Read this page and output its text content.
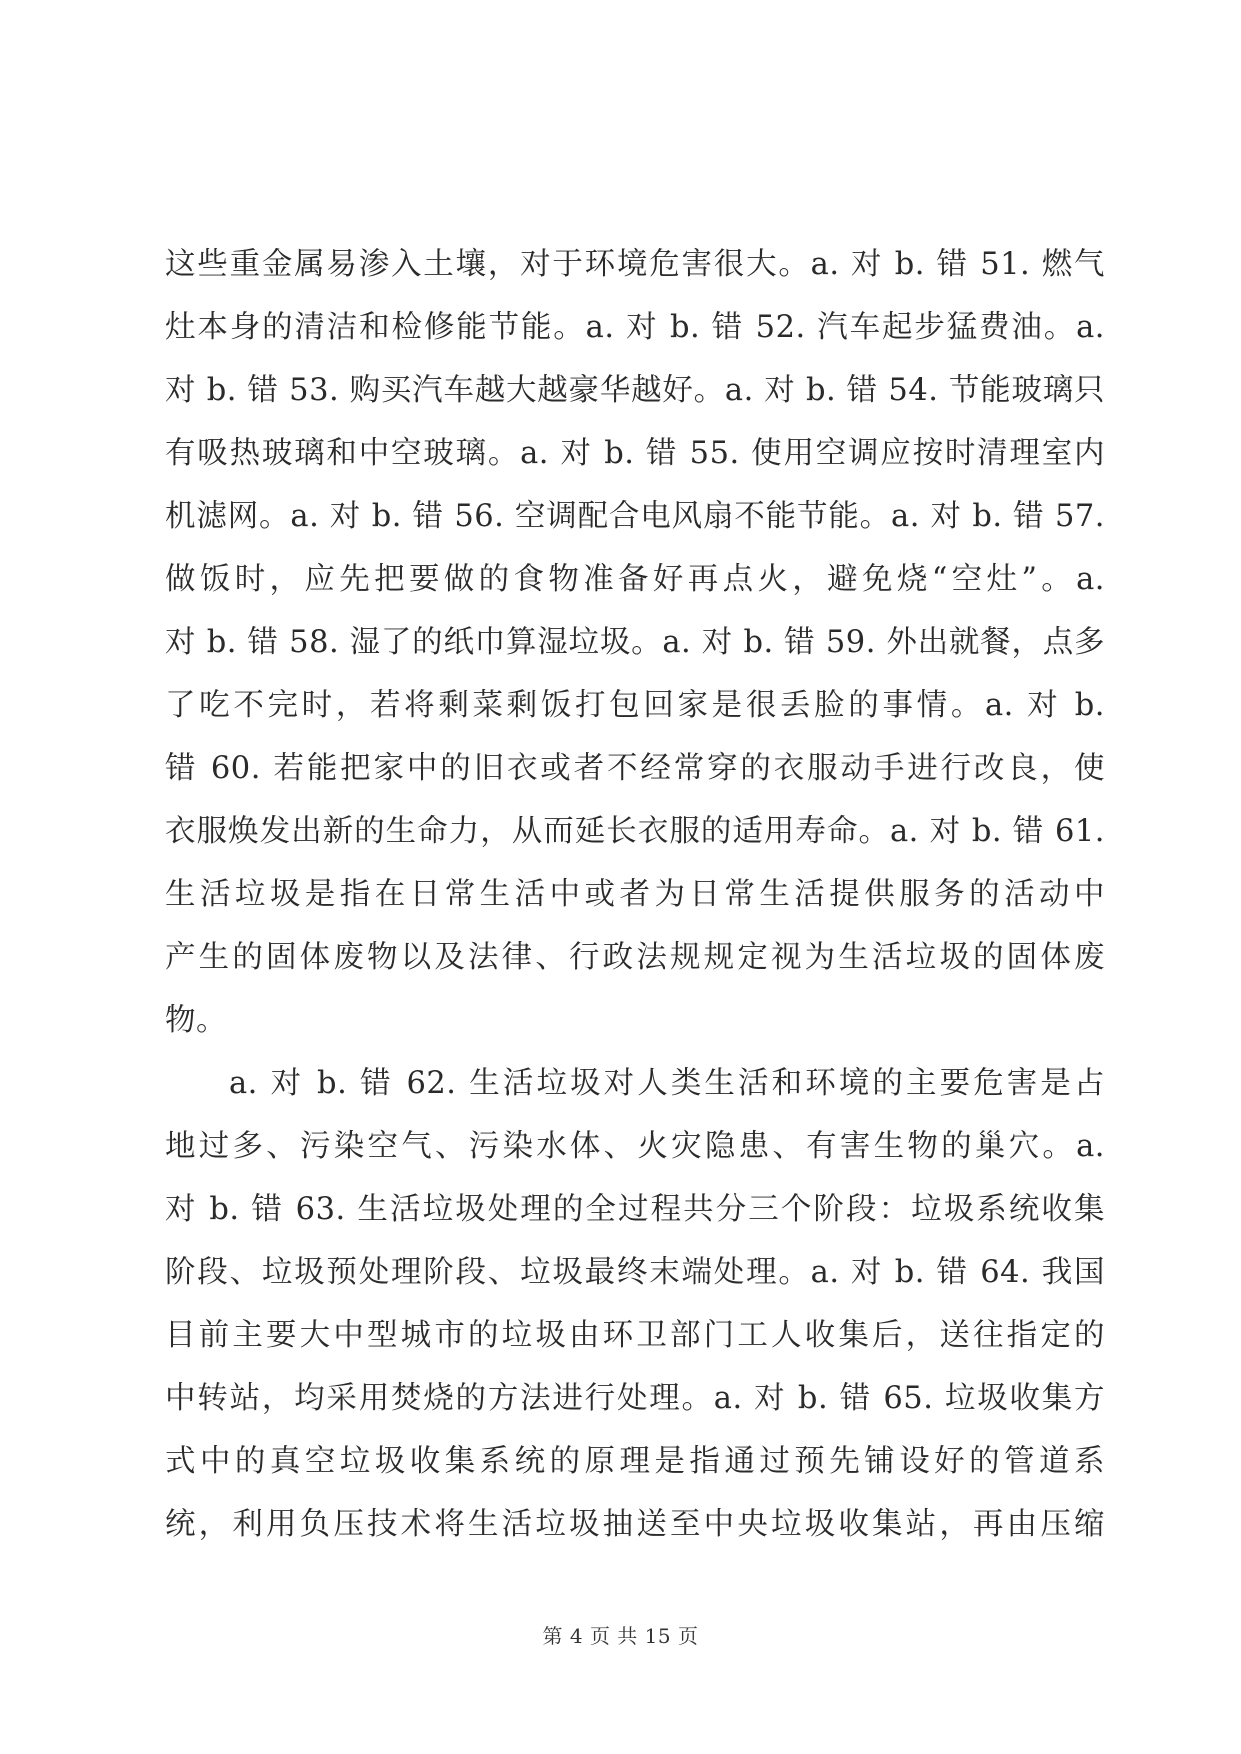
这些重金属易渗入土壤，对于环境危害很大。a. 对 b. 错 51. 燃气
灶本身的清洁和检修能节能。a. 对 b. 错 52. 汽车起步猛费油。a.
对 b. 错 53. 购买汽车越大越豪华越好。a. 对 b. 错 54. 节能玻璃只
有吸热玻璃和中空玻璃。a. 对 b. 错 55. 使用空调应按时清理室内
机滤网。a. 对 b. 错 56. 空调配合电风扇不能节能。a. 对 b. 错 57.
做饭时，应先把要做的食物准备好再点火，避免烧“空灶”。a.
对 b. 错 58. 湿了的纸巾算湿垃圾。a. 对 b. 错 59. 外出就餐，点多
了吃不完时，若将剩菜剩饭打包回家是很丢脸的事情。a. 对 b.
错 60. 若能把家中的旧衣或者不经常穿的衣服动手进行改良，使
衣服焕发出新的生命力，从而延长衣服的适用寿命。a. 对 b. 错 61.
生活垃圾是指在日常生活中或者为日常生活提供服务的活动中
产生的固体废物以及法律、行政法规规定视为生活垃圾的固体废
物。
a. 对 b. 错 62. 生活垃圾对人类生活和环境的主要危害是占
地过多、污染空气、污染水体、火灾隐患、有害生物的巢穴。a.
对 b. 错 63. 生活垃圾处理的全过程共分三个阶段：垃圾系统收集
阶段、垃圾预处理阶段、垃圾最终末端处理。a. 对 b. 错 64. 我国
目前主要大中型城市的垃圾由环卫部门工人收集后，送往指定的
中转站，均采用焚烧的方法进行处理。a. 对 b. 错 65. 垃圾收集方
式中的真空垃圾收集系统的原理是指通过预先铺设好的管道系
统，利用负压技术将生活垃圾抽送至中央垃圾收集站，再由压缩
第 4 页 共 15 页
